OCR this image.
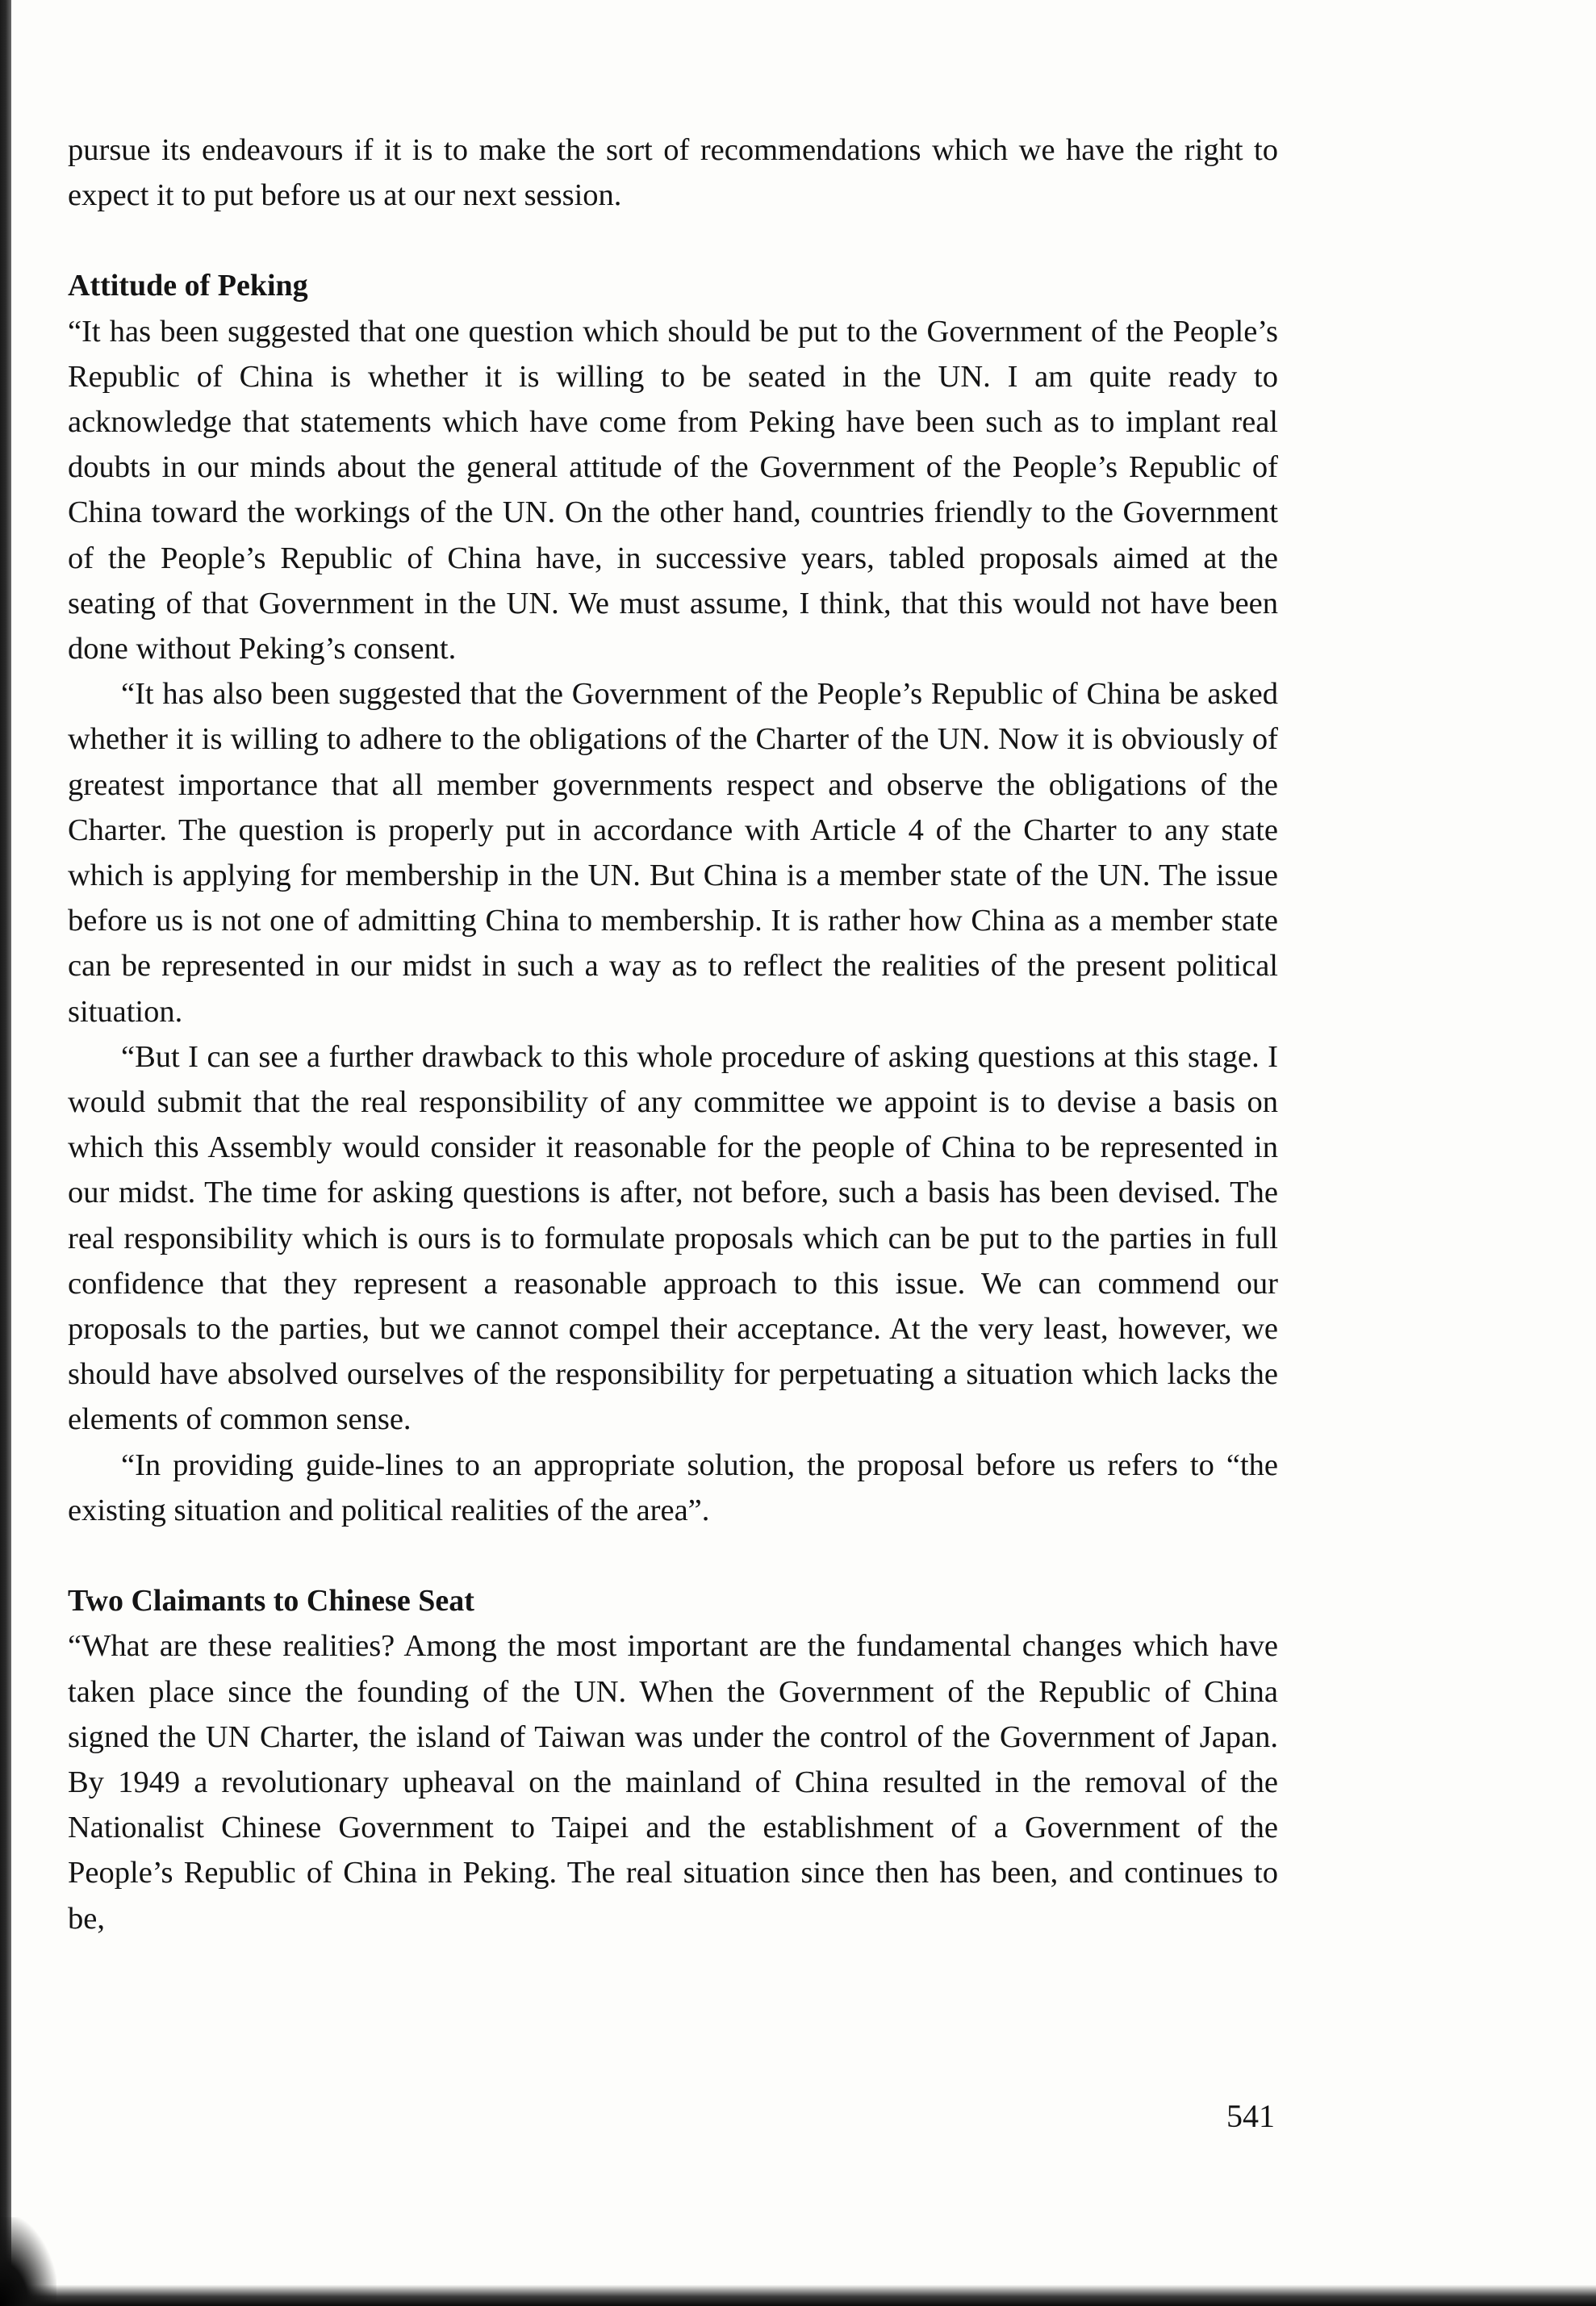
pursue its endeavours if it is to make the sort of recommendations which we have the right to expect it to put before us at our next session.

Attitude of Peking

“It has been suggested that one question which should be put to the Government of the People’s Republic of China is whether it is willing to be seated in the UN. I am quite ready to acknowledge that statements which have come from Peking have been such as to implant real doubts in our minds about the general attitude of the Government of the People’s Republic of China toward the workings of the UN. On the other hand, countries friendly to the Government of the People’s Republic of China have, in successive years, tabled proposals aimed at the seating of that Government in the UN. We must assume, I think, that this would not have been done without Peking’s consent.

“It has also been suggested that the Government of the People’s Republic of China be asked whether it is willing to adhere to the obligations of the Charter of the UN. Now it is obviously of greatest importance that all member governments respect and observe the obligations of the Charter. The question is properly put in accordance with Article 4 of the Charter to any state which is applying for membership in the UN. But China is a member state of the UN. The issue before us is not one of admitting China to membership. It is rather how China as a member state can be represented in our midst in such a way as to reflect the realities of the present political situation.

“But I can see a further drawback to this whole procedure of asking questions at this stage. I would submit that the real responsibility of any committee we appoint is to devise a basis on which this Assembly would consider it reasonable for the people of China to be represented in our midst. The time for asking questions is after, not before, such a basis has been devised. The real responsibility which is ours is to formulate proposals which can be put to the parties in full confidence that they represent a reasonable approach to this issue. We can commend our proposals to the parties, but we cannot compel their acceptance. At the very least, however, we should have absolved ourselves of the responsibility for perpetuating a situation which lacks the elements of common sense.

“In providing guide-lines to an appropriate solution, the proposal before us refers to “the existing situation and political realities of the area”.

Two Claimants to Chinese Seat

“What are these realities? Among the most important are the fundamental changes which have taken place since the founding of the UN. When the Government of the Republic of China signed the UN Charter, the island of Taiwan was under the control of the Government of Japan. By 1949 a revolutionary upheaval on the mainland of China resulted in the removal of the Nationalist Chinese Government to Taipei and the establishment of a Government of the People’s Republic of China in Peking. The real situation since then has been, and continues to be,

541
